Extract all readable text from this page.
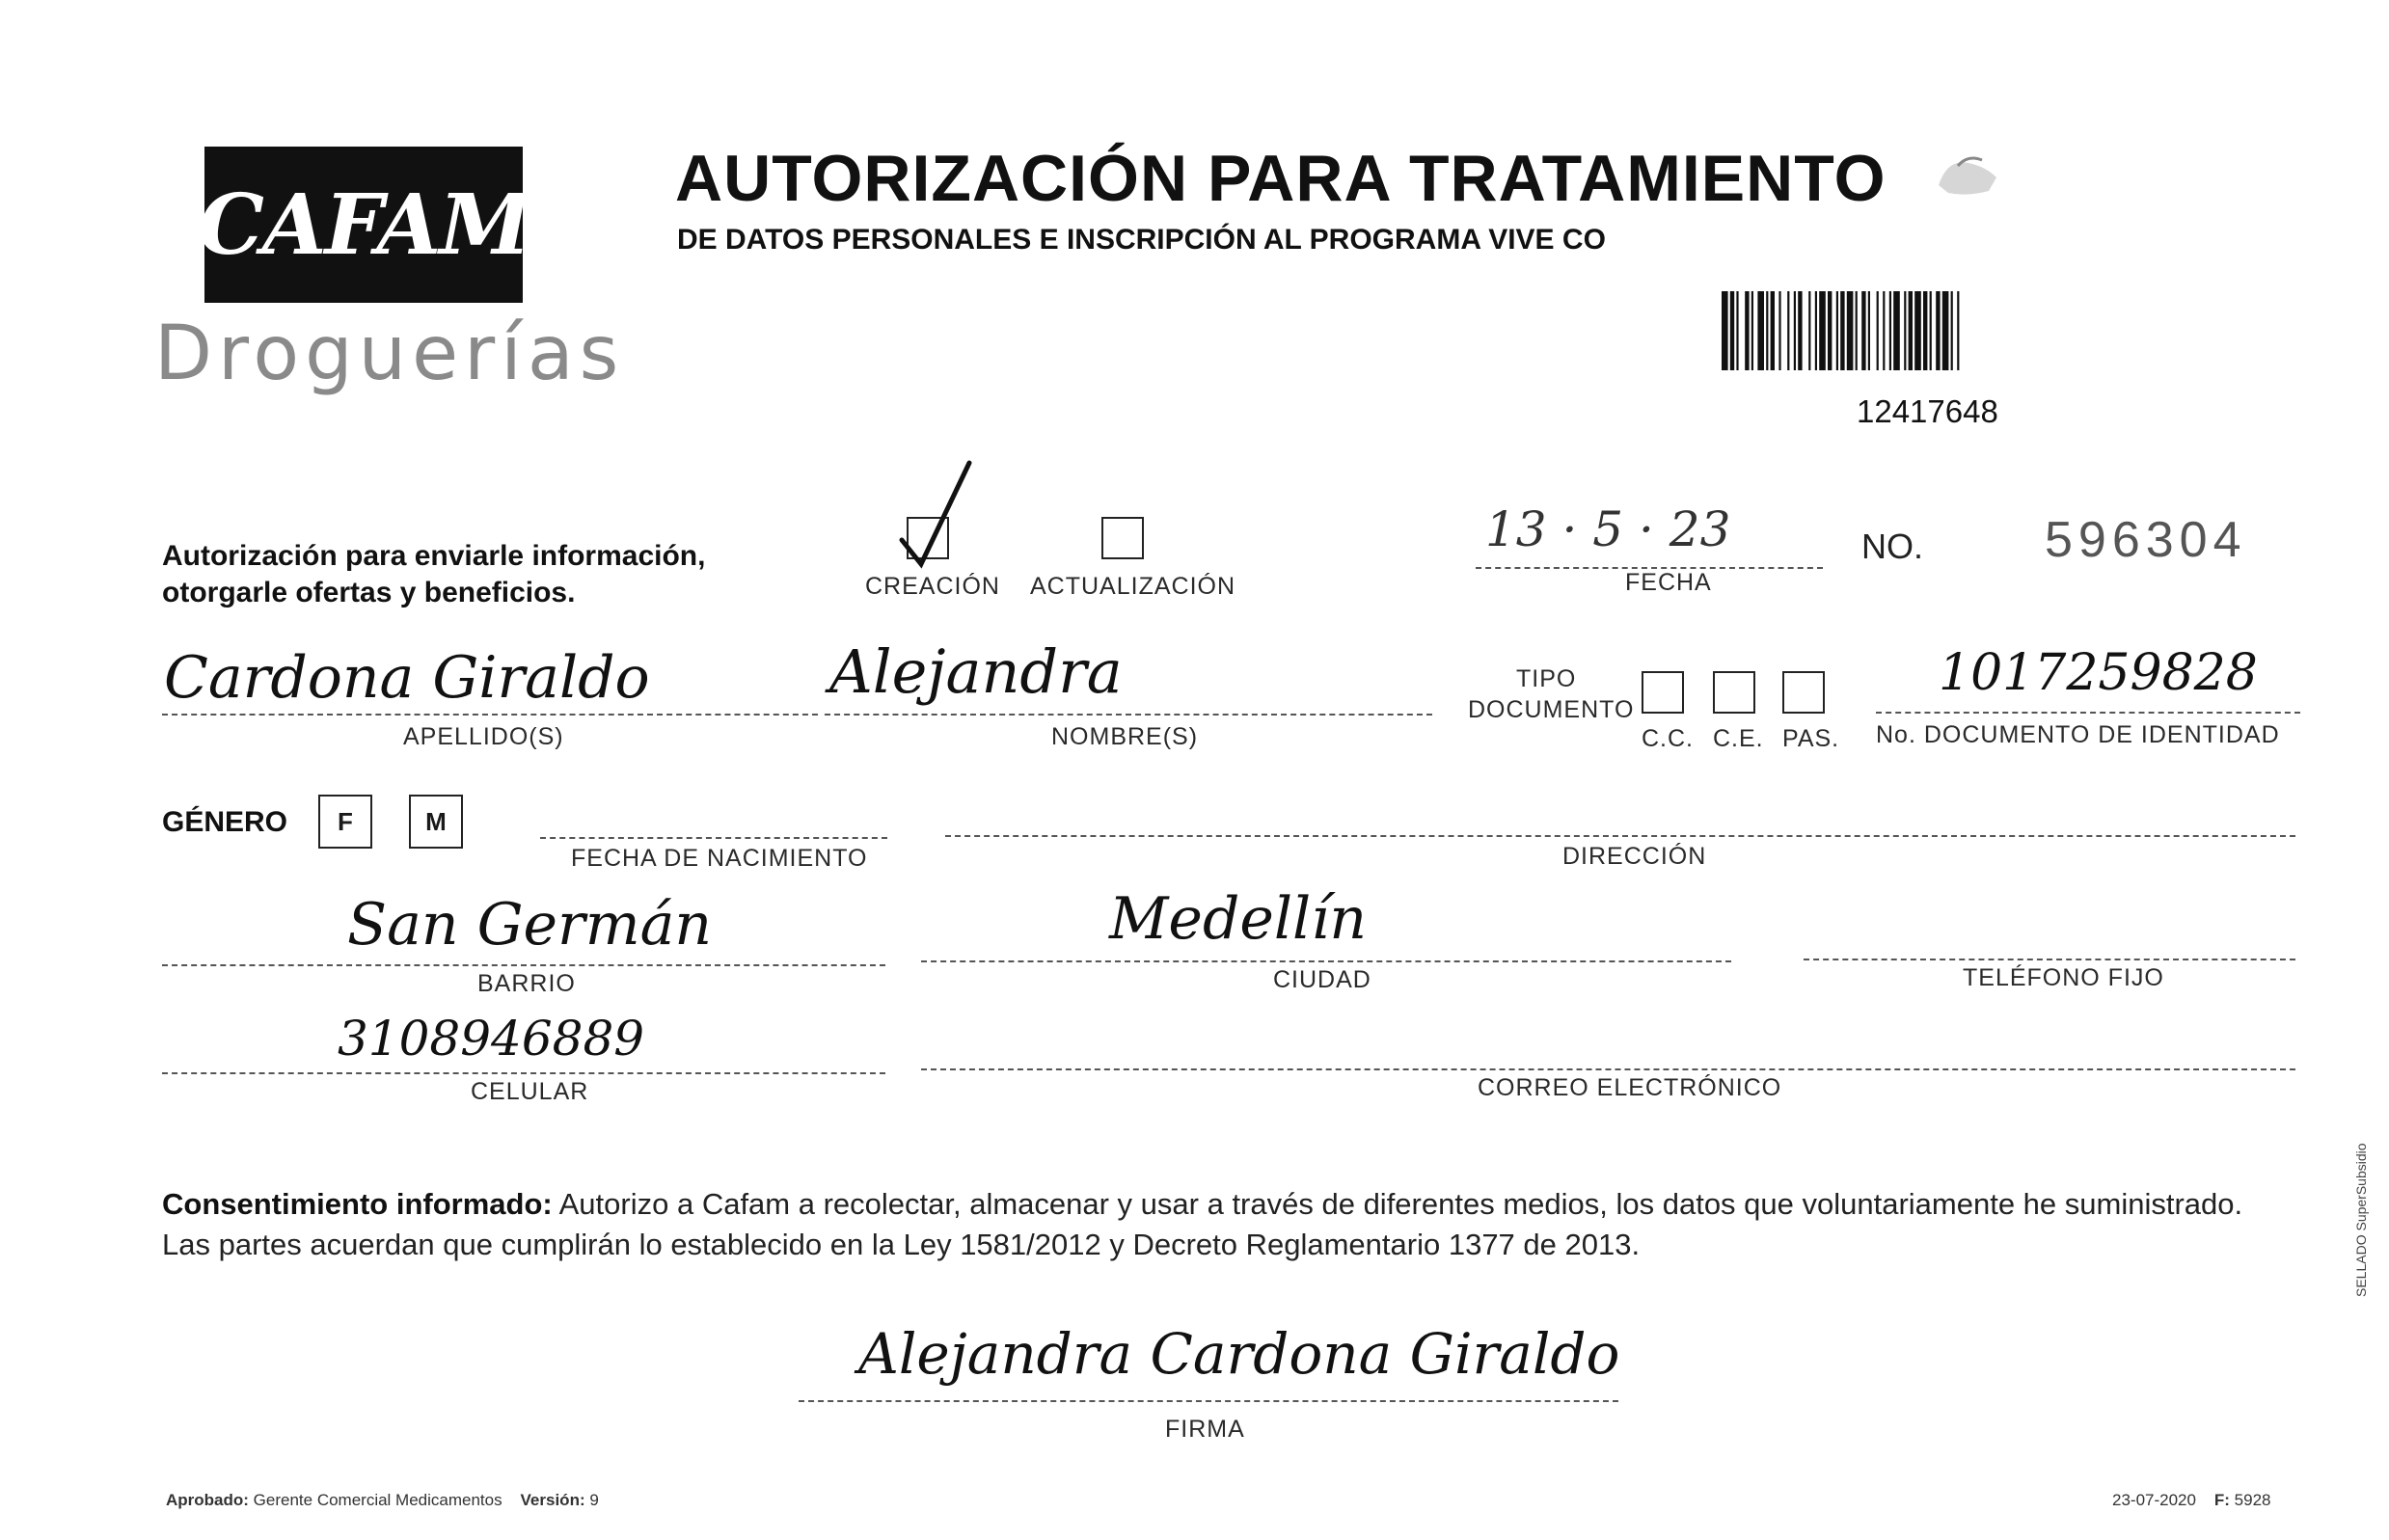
CAFAM
Droguerías
AUTORIZACIÓN PARA TRATAMIENTO
DE DATOS PERSONALES E INSCRIPCIÓN AL PROGRAMA VIVE CO
12417648
Autorización para enviarle información,
otorgarle ofertas y beneficios.	CREACIÓN ACTUALIZACIÓN
13 · 5 · 23
FECHA
NO. 596304
Cardona Giraldo
APELLIDO(S)
Alejandra
NOMBRE(S)
TIPO
DOCUMENTO
C.C. C.E. PAS.
1017259828
No. DOCUMENTO DE IDENTIDAD
GÉNERO F	M
FECHA DE NACIMIENTO	DIRECCIÓN
San Germán
BARRIO
Medellín
CIUDAD	TELÉFONO FIJO
3108946889
CELULAR	CORREO ELECTRÓNICO
Consentimiento informado: Autorizo a Cafam a recolectar, almacenar y usar a través de diferentes medios, los datos que voluntariamente he suministrado. Las partes acuerdan que cumplirán lo establecido en la Ley 1581/2012 y Decreto Reglamentario 1377 de 2013.
Alejandra Cardona Giraldo
FIRMA
Aprobado: Gerente Comercial Medicamentos Versión: 9	23-07-2020 F: 5928
SELLADO SuperSubsidio
